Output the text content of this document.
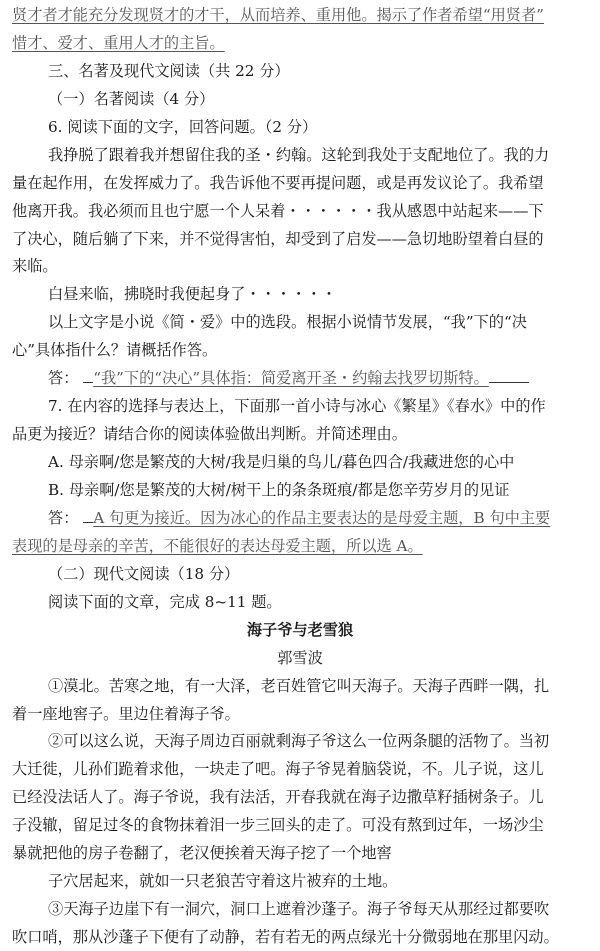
贤才者才能充分发现贤才的才干，从而培养、重用他。揭示了作者希望“用贤者”
惜才、爱才、重用人才的主旨。
三、名著及现代文阅读（共 22 分）
（一）名著阅读（4 分）
6. 阅读下面的文字，回答问题。（2 分）
我挣脱了跟着我并想留住我的圣・约翰。这轮到我处于支配地位了。我的力
量在起作用，在发挥威力了。我告诉他不要再提问题，或是再发议论了。我希望
他离开我。我必须而且也宁愿一个人呆着・・・・・・我从感恩中站起来——下
了决心，随后躺了下来，并不觉得害怕，却受到了启发——急切地盼望着白昼的
来临。
白昼来临，拂晓时我便起身了・・・・・・
以上文字是小说《简・爱》中的选段。根据小说情节发展，“我”下的“决
心”具体指什么？请概括作答。
答： “我”下的“决心”具体指：简爱离开圣・约翰去找罗切斯特。
7. 在内容的选择与表达上，下面那一首小诗与冰心《繁星》《春水》中的作
品更为接近？请结合你的阅读体验做出判断。并简述理由。
A. 母亲啊/您是繁茂的大树/我是归巢的鸟儿/暮色四合/我藏进您的心中
B. 母亲啊/您是繁茂的大树/树干上的条条斑痕/都是您辛劳岁月的见证
答： A 句更为接近。因为冰心的作品主要表达的是母爱主题，B 句中主要
表现的是母亲的辛苦，不能很好的表达母爱主题，所以选 A。
（二）现代文阅读（18 分）
阅读下面的文章，完成 8~11 题。
海子爷与老雪狼
郭雪波
①漠北。苦寒之地，有一大泽，老百姓管它叫天海子。天海子西畔一隅，扎
着一座地窖子。里边住着海子爷。
②可以这么说，天海子周边百丽就剩海子爷这么一位两条腿的活物了。当初
大迁徙，儿孙们跪着求他，一块走了吧。海子爷晃着脑袋说，不。儿子说，这儿
已经没法话人了。海子爷说，我有法活，开春我就在海子边撒草籽插树条子。儿
子没辙，留足过冬的食物抹着泪一步三回头的走了。可没有熬到过年，一场沙尘
暴就把他的房子卷翻了，老汉便挨着天海子挖了一个地窖
子穴居起来，就如一只老狼苦守着这片被弃的土地。
③天海子边崖下有一洞穴，洞口上遮着沙蓬子。海子爷每天从那经过都要吹
吹口哨，那从沙蓬子下便有了动静，若有若无的两点绿光十分微弱地在那里闪动。
